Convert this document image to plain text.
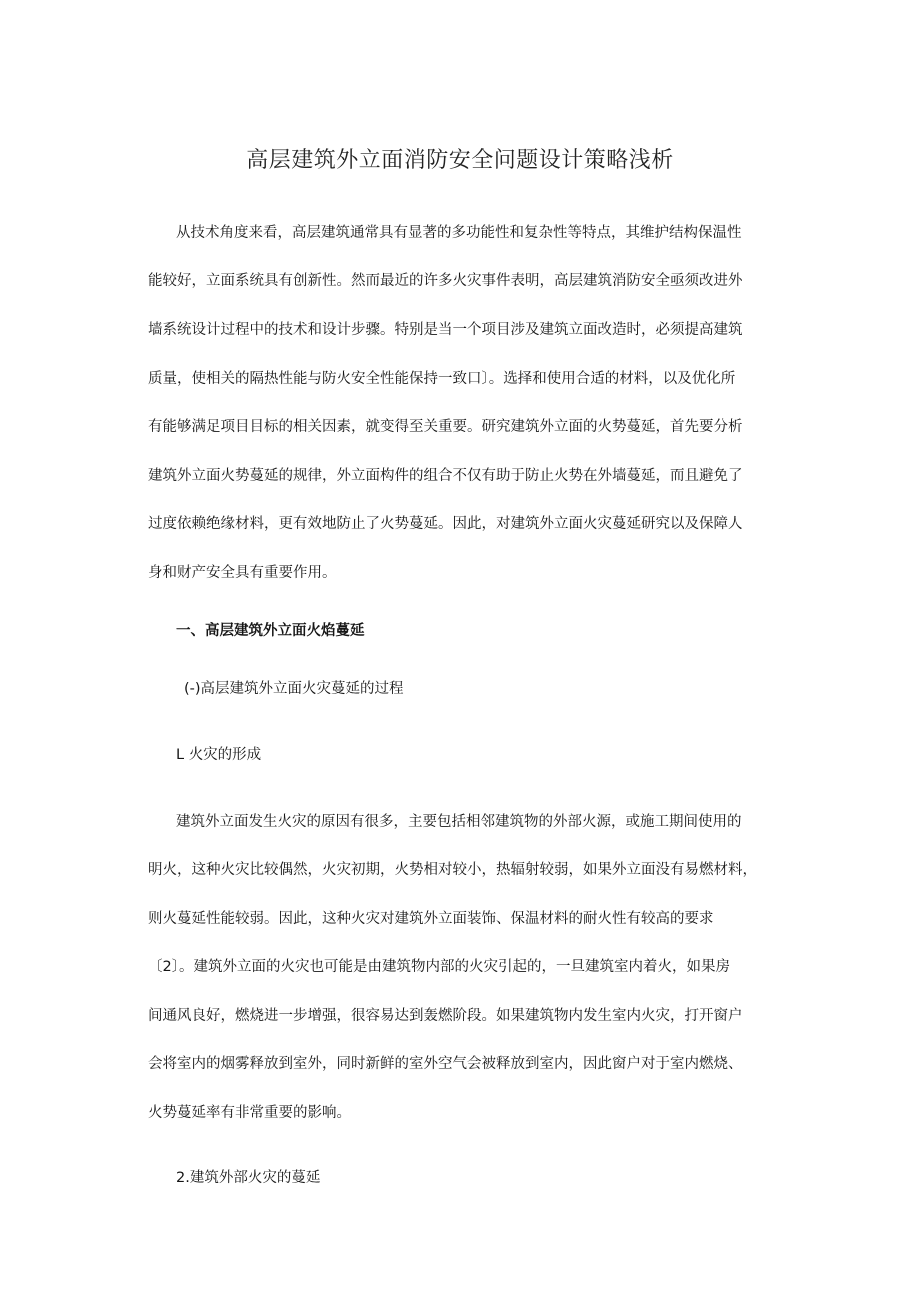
高层建筑外立面消防安全问题设计策略浅析
从技术角度来看，高层建筑通常具有显著的多功能性和复杂性等特点，其维护结构保温性
能较好，立面系统具有创新性。然而最近的许多火灾事件表明，高层建筑消防安全亟须改进外
墙系统设计过程中的技术和设计步骤。特别是当一个项目涉及建筑立面改造时，必须提高建筑
质量，使相关的隔热性能与防火安全性能保持一致口〕。选择和使用合适的材料，以及优化所
有能够满足项目目标的相关因素，就变得至关重要。研究建筑外立面的火势蔓延，首先要分析
建筑外立面火势蔓延的规律，外立面构件的组合不仅有助于防止火势在外墙蔓延，而且避免了
过度依赖绝缘材料，更有效地防止了火势蔓延。因此，对建筑外立面火灾蔓延研究以及保障人
身和财产安全具有重要作用。
一、高层建筑外立面火焰蔓延
(-)高层建筑外立面火灾蔓延的过程
L 火灾的形成
建筑外立面发生火灾的原因有很多，主要包括相邻建筑物的外部火源，或施工期间使用的
明火，这种火灾比较偶然，火灾初期，火势相对较小，热辐射较弱，如果外立面没有易燃材料，
则火蔓延性能较弱。因此，这种火灾对建筑外立面装饰、保温材料的耐火性有较高的要求
〔2〕。建筑外立面的火灾也可能是由建筑物内部的火灾引起的，一旦建筑室内着火，如果房
间通风良好，燃烧进一步增强，很容易达到轰燃阶段。如果建筑物内发生室内火灾，打开窗户
会将室内的烟雾释放到室外，同时新鲜的室外空气会被释放到室内，因此窗户对于室内燃烧、
火势蔓延率有非常重要的影响。
2.建筑外部火灾的蔓延
